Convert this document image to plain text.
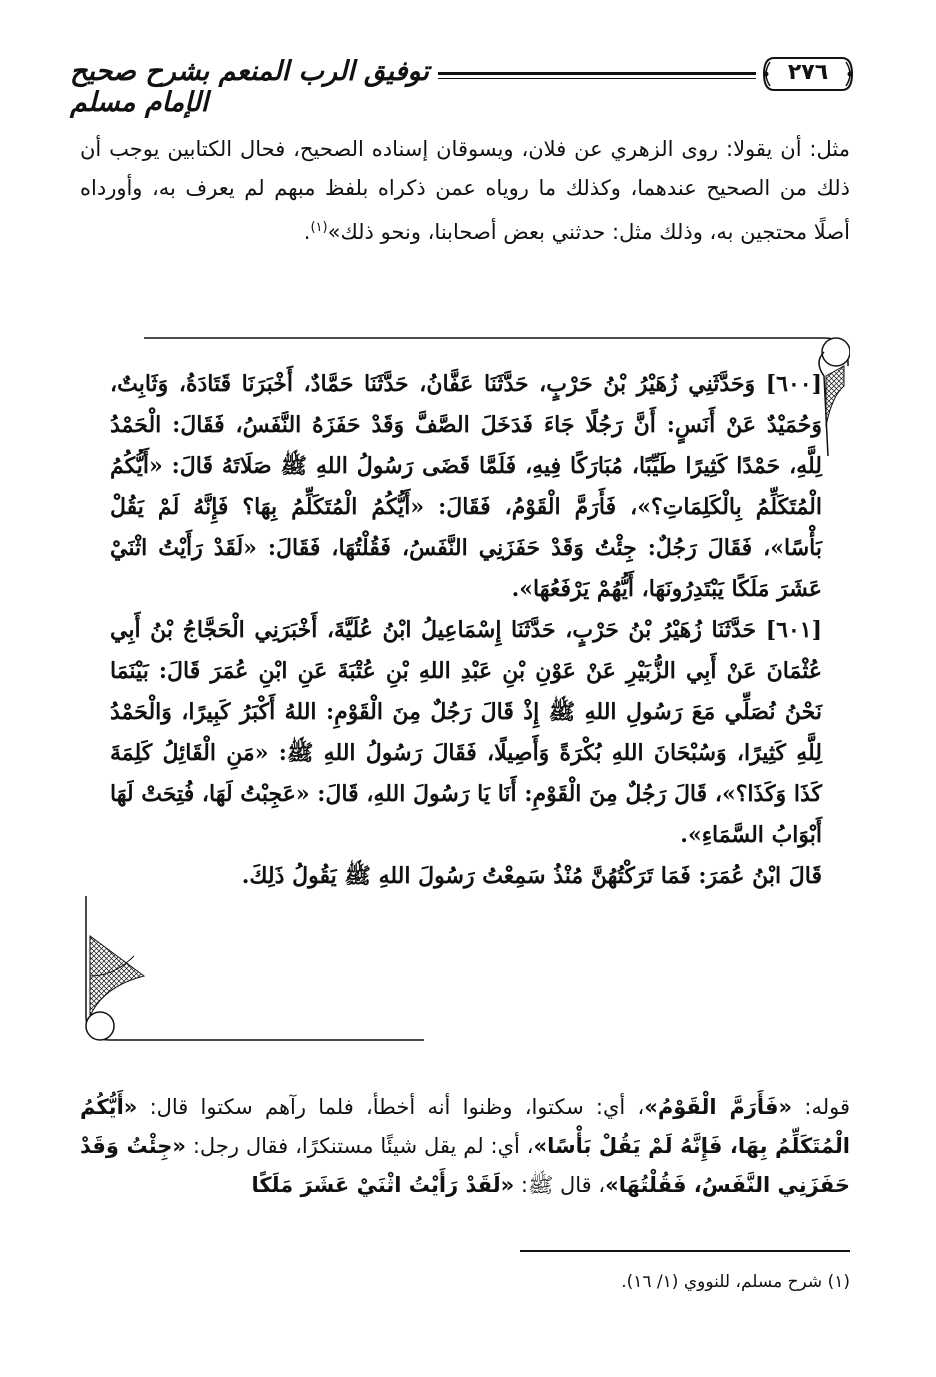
توفيق الرب المنعم بشرح صحيح الإمام مسلم
٢٧٦
مثل: أن يقولا: روى الزهري عن فلان، ويسوقان إسناده الصحيح، فحال الكتابين يوجب أن ذلك من الصحيح عندهما، وكذلك ما روياه عمن ذكراه بلفظ مبهم لم يعرف به، وأورداه أصلًا محتجين به، وذلك مثل: حدثني بعض أصحابنا، ونحو ذلك»$^{(١)}$.

[٦٠٠] وَحَدَّثَنِي زُهَيْرُ بْنُ حَرْبٍ، حَدَّثَنَا عَفَّانُ، حَدَّثَنَا حَمَّادٌ، أَخْبَرَنَا قَتَادَةُ، وَثَابِتٌ، وَحُمَيْدٌ عَنْ أَنَسٍ: أَنَّ رَجُلًا جَاءَ فَدَخَلَ الصَّفَّ وَقَدْ حَفَزَهُ النَّفَسُ، فَقَالَ: الْحَمْدُ لِلَّهِ، حَمْدًا كَثِيرًا طَيِّبًا، مُبَارَكًا فِيهِ، فَلَمَّا قَضَى رَسُولُ اللهِ ﷺ صَلَاتَهُ قَالَ: «أَيُّكُمُ الْمُتَكَلِّمُ بِالْكَلِمَاتِ؟»، فَأَرَمَّ الْقَوْمُ، فَقَالَ: «أَيُّكُمُ الْمُتَكَلِّمُ بِهَا؟ فَإِنَّهُ لَمْ يَقُلْ بَأْسًا»، فَقَالَ رَجُلٌ: جِئْتُ وَقَدْ حَفَزَنِي النَّفَسُ، فَقُلْتُهَا، فَقَالَ: «لَقَدْ رَأَيْتُ اثْنَيْ عَشَرَ مَلَكًا يَبْتَدِرُونَهَا، أَيُّهُمْ يَرْفَعُهَا».

[٦٠١] حَدَّثَنَا زُهَيْرُ بْنُ حَرْبٍ، حَدَّثَنَا إِسْمَاعِيلُ ابْنُ عُلَيَّةَ، أَخْبَرَنِي الْحَجَّاجُ بْنُ أَبِي عُثْمَانَ عَنْ أَبِي الزُّبَيْرِ عَنْ عَوْنِ بْنِ عَبْدِ اللهِ بْنِ عُتْبَةَ عَنِ ابْنِ عُمَرَ قَالَ: بَيْنَمَا نَحْنُ نُصَلِّي مَعَ رَسُولِ اللهِ ﷺ إِذْ قَالَ رَجُلٌ مِنَ الْقَوْمِ: اللهُ أَكْبَرُ كَبِيرًا، وَالْحَمْدُ لِلَّهِ كَثِيرًا، وَسُبْحَانَ اللهِ بُكْرَةً وَأَصِيلًا، فَقَالَ رَسُولُ اللهِ ﷺ: «مَنِ الْقَائِلُ كَلِمَةَ كَذَا وَكَذَا؟»، قَالَ رَجُلٌ مِنَ الْقَوْمِ: أَنَا يَا رَسُولَ اللهِ، قَالَ: «عَجِبْتُ لَهَا، فُتِحَتْ لَهَا أَبْوَابُ السَّمَاءِ».

قَالَ ابْنُ عُمَرَ: فَمَا تَرَكْتُهُنَّ مُنْذُ سَمِعْتُ رَسُولَ اللهِ ﷺ يَقُولُ ذَلِكَ.

قوله: «فَأَرَمَّ الْقَوْمُ»، أي: سكتوا، وظنوا أنه أخطأ، فلما رآهم سكتوا قال: «أَيُّكُمُ الْمُتَكَلِّمُ بِهَا، فَإِنَّهُ لَمْ يَقُلْ بَأْسًا»، أي: لم يقل شيئًا مستنكرًا، فقال رجل: «جِئْتُ وَقَدْ حَفَزَنِي النَّفَسُ، فَقُلْتُهَا»، قال ﷺ: «لَقَدْ رَأَيْتُ اثْنَيْ عَشَرَ مَلَكًا
(١) شرح مسلم، للنووي (١/ ١٦).
